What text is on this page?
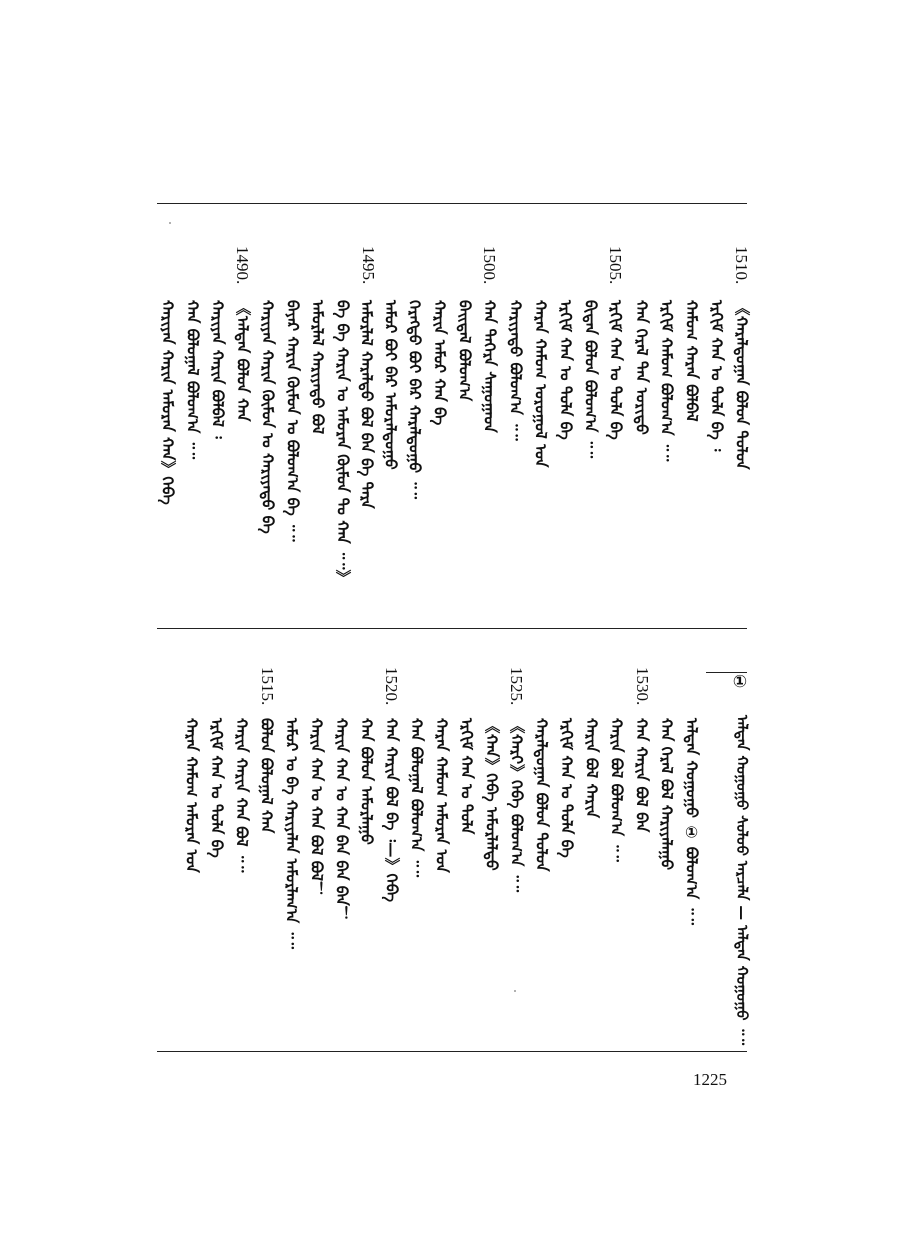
1510.
1505.
1500.
1495.
1490.
《ᠬᠠᠷᠠᠯᠳᠤᠭᠠᠨ ᠪᠣᠯᠤᠨ ᠳᠣᠯᠣᠨ
ᠡᠷᠬᠢᠮ ᠬᠠᠨ ᠤ ᠲᠤᠯᠠ ᠪᠡ ᠄
ᠬᠠᠮᠤᠭ ᠬᠠᠷᠠᠨ ᠪᠣᠯᠪᠠᠯ
ᠡᠷᠬᠢᠮ ᠬᠠᠮᠤᠭ ᠪᠤᠯᠤᠭ᠎ᠠ ᠃᠃
ᠬᠠᠨ ᠭᠡᠷᠡᠯ ᠲᠠᠨ ᠤᠷᠢᠳᠤ
ᠡᠷᠬᠢᠮ ᠬᠠᠨ ᠤ ᠲᠤᠯᠠ ᠪᠡ
ᠪᠢᠳᠡᠨ ᠪᠣᠯᠣᠨ ᠪᠤᠯᠤᠭ᠎ᠠ ᠃᠃
ᠡᠷᠬᠢᠮ ᠬᠠᠨ ᠤ ᠲᠤᠯᠠ ᠪᠡ
ᠬᠠᠷᠠᠨ ᠬᠠᠮᠤᠭ ᠤᠷᠤᠭᠤᠯ ᠤᠨ
ᠬᠠᠷᠢᠶᠠᠲᠤ ᠪᠣᠯᠤᠭ᠎ᠠ ᠃᠃
ᠬᠠᠨ ᠳᠡᠭᠡᠷᠡ ᠰᠠᠭᠤᠭᠠᠳ
ᠪᠠᠢᠳᠠᠯ ᠪᠣᠯᠤᠭ᠎ᠠ
ᠬᠠᠷᠢᠨ ᠠᠮᠤᠷ ᠬᠠᠨ ᠪᠡ
ᠬᠡᠷᠡᠭᠲᠦ ᠪᠤᠢ ᠪᠠᠷ ᠬᠠᠷᠠᠯᠳᠤᠭᠤ ᠃᠃
ᠠᠮᠤᠷ ᠪᠤᠢ ᠪᠠᠷ ᠠᠮᠤᠷᠠᠯᠳᠤᠭᠤ
ᠠᠮᠤᠷᠯᠠᠯ ᠬᠠᠷᠠᠯᠲᠤ ᠪᠣᠯ ᠪᠠᠨ ᠪᠠ ᠲᠡᠷᠡ
ᠪᠡ ᠪᠡ ᠬᠠᠷᠢᠨ ᠤ ᠠᠮᠤᠷᠠᠨ ᠬᠦᠮᠦᠨ ᠲᠤ ᠬᠠᠨ ᠃᠃》
ᠠᠮᠤᠷᠯᠠᠯ ᠬᠠᠷᠢᠶᠠᠲᠤ ᠪᠣᠯ
ᠪᠠᠶᠠᠷ ᠬᠠᠷᠢᠨ ᠬᠦᠮᠦᠨ ᠤ ᠪᠤᠯᠤᠭ᠎ᠠ ᠪᠡ ᠃᠃
ᠬᠠᠷᠢᠶᠠᠨ ᠬᠠᠷᠢᠨ ᠬᠦᠮᠦᠨ ᠤ ᠬᠠᠷᠢᠶᠠᠲᠤ ᠪᠡ
《ᠠᠯᠲᠠᠨ ᠪᠣᠯᠤᠨ ᠬᠠᠨ
ᠬᠠᠷᠢᠶᠠᠨ ᠬᠠᠷᠢᠨ ᠪᠣᠯᠪᠠᠯ ᠄
ᠬᠠᠨ ᠪᠣᠯᠣᠭᠠᠯ ᠪᠤᠯᠤᠭ᠎ᠠ ᠃᠃
ᠬᠠᠷᠢᠶᠠᠨ ᠬᠠᠷᠢᠨ ᠠᠮᠤᠷᠠᠨ ᠬᠠᠨ》ᠭᠡᠪᠡ
①
ᠠᠯᠲᠠᠨ ᠬᠣᠭᠣᠭᠣ ᠰᠣᠯᠣᠣ ᠠᠷᠴᠠᠯᠠ — ᠠᠯᠲᠠᠨ ᠬᠣᠭᠣᠭᠣ ᠃᠃
1530.
1525.
1520.
1515.
ᠠᠯᠲᠠᠨ ᠬᠣᠭᠣᠭᠣ ① ᠪᠣᠯᠤᠭ᠎ᠠ ᠃᠃
ᠬᠠᠨ ᠭᠡᠷᠡᠯ ᠪᠣᠯ ᠬᠠᠷᠢᠶᠠᠯᠠᠭᠤ
ᠬᠠᠨ ᠬᠠᠷᠢᠨ ᠪᠣᠯ ᠪᠠᠨ
ᠬᠠᠷᠢᠨ ᠪᠣᠯ ᠪᠤᠯᠤᠭ᠎ᠠ ᠃᠃
ᠬᠠᠷᠢᠨ ᠪᠣᠯ ᠬᠠᠷᠢᠨ
ᠡᠷᠬᠢᠮ ᠬᠠᠨ ᠤ ᠲᠤᠯᠠ ᠪᠡ
ᠬᠠᠷᠠᠯᠳᠤᠭᠠᠨ ᠪᠣᠯᠤᠨ ᠳᠣᠯᠣᠨ
《ᠬᠠᠷᠢ》ᠭᠡᠪᠡ ᠪᠤᠯᠤᠭ᠎ᠠ ᠃᠃
《ᠬᠠᠨ》ᠭᠡᠪᠡ ᠠᠮᠤᠷᠯᠠᠯᠲᠤ
ᠡᠷᠬᠢᠮ ᠬᠠᠨ ᠤ ᠲᠤᠯᠠ
ᠬᠠᠷᠠᠨ ᠬᠠᠮᠤᠭ ᠠᠮᠤᠷᠠᠨ ᠤᠨ
ᠬᠠᠨ ᠪᠣᠯᠣᠭᠠᠯ ᠪᠤᠯᠤᠭ᠎ᠠ ᠃᠃
ᠬᠠᠨ ᠬᠠᠷᠢᠨ ᠪᠣᠯ ᠪᠡ ᠄—》ᠭᠡᠪᠡ
ᠬᠠᠨ ᠪᠣᠯᠣᠨ ᠠᠮᠤᠷᠯᠠᠭᠤ
ᠬᠠᠷᠢᠨ ᠬᠠᠨ ᠤ ᠬᠠᠨ ᠪᠠᠨ ᠪᠠᠨ ᠪᠠᠨ！
ᠬᠠᠷᠢᠨ ᠬᠠᠨ ᠤ ᠬᠠᠨ ᠪᠣᠯ ᠪᠣᠯ！
ᠠᠮᠤᠷ ᠤ ᠪᠡ ᠬᠠᠷᠢᠶᠠᠯᠠᠨ ᠠᠮᠤᠷᠯᠠᠭ᠎ᠠ ᠃᠃
ᠪᠣᠯᠣᠨ ᠪᠣᠯᠣᠭᠠᠯ ᠬᠠᠨ
ᠬᠠᠷᠢᠨ ᠬᠠᠷᠢᠨ ᠬᠠᠨ ᠪᠤᠯ ᠃᠃
ᠡᠷᠬᠢᠮ ᠬᠠᠨ ᠤ ᠲᠤᠯᠠ ᠪᠡ
ᠬᠠᠷᠠᠨ ᠬᠠᠮᠤᠭ ᠠᠮᠤᠷᠠᠨ ᠤᠨ
1225
